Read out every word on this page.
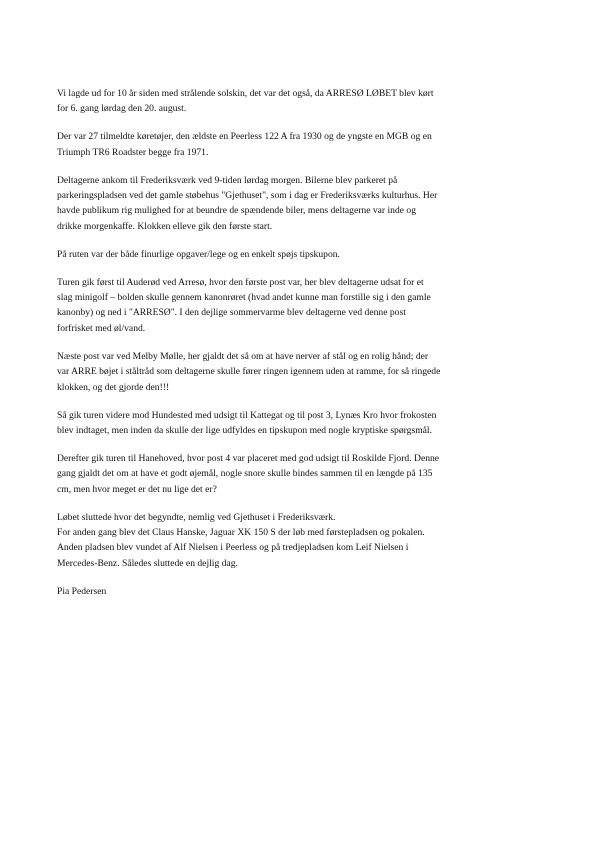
Vi lagde ud for 10 år siden med strålende solskin, det var det også, da ARRESØ LØBET blev kørt
for 6. gang lørdag den 20. august.

Der var 27 tilmeldte køretøjer, den ældste en Peerless 122 A fra 1930 og de yngste en MGB og en
Triumph TR6 Roadster begge fra 1971.

Deltagerne ankom til Frederiksværk ved 9-tiden lørdag morgen. Bilerne blev parkeret på
parkeringspladsen ved det gamle støbehus "Gjethuset", som i dag er Frederiksværks kulturhus. Her
havde publikum rig mulighed for at beundre de spændende biler, mens deltagerne var inde og
drikke morgenkaffe. Klokken elleve gik den første start.

På ruten var der både finurlige opgaver/lege og en enkelt spøjs tipskupon.

Turen gik først til Auderød ved Arresø, hvor den første post var, her blev deltagerne udsat for et
slag minigolf – bolden skulle gennem kanonrøret (hvad andet kunne man forstille sig i den gamle
kanonby) og ned i "ARRESØ". I den dejlige sommervarme blev deltagerne ved denne post
forfrisket med øl/vand.

Næste post var ved Melby Mølle, her gjaldt det så om at have nerver af stål og en rolig hånd; der
var ARRE bøjet i ståltråd som deltagerne skulle fører ringen igennem uden at ramme, for så ringede
klokken, og det gjorde den!!!

Så gik turen videre mod Hundested med udsigt til Kattegat og til post 3, Lynæs Kro hvor frokosten
blev indtaget, men inden da skulle der lige udfyldes en tipskupon med nogle kryptiske spørgsmål.

Derefter gik turen til Hanehoved, hvor post 4 var placeret med god udsigt til Roskilde Fjord. Denne
gang gjaldt det om at have et godt øjemål, nogle snore skulle bindes sammen til en længde på 135
cm, men hvor meget er det nu lige det er?

Løbet sluttede hvor det begyndte, nemlig ved Gjethuset i Frederiksværk.
For anden gang blev det Claus Hanske, Jaguar XK 150 S der løb med førstepladsen og pokalen.
Anden pladsen blev vundet af Alf Nielsen i Peerless og på tredjepladsen kom Leif Nielsen i
Mercedes-Benz. Således sluttede en dejlig dag.

Pia Pedersen
